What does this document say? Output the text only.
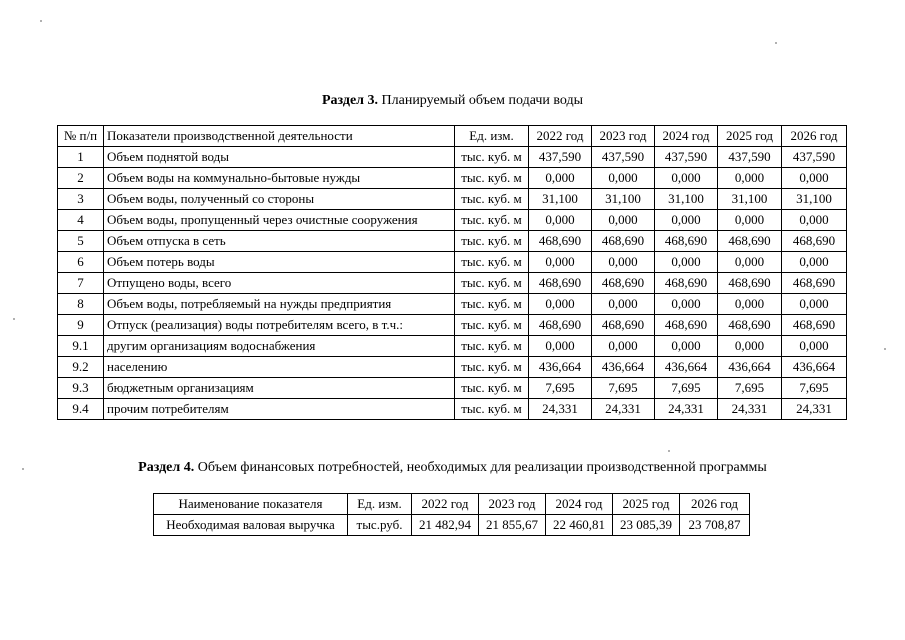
Раздел 3. Планируемый объем подачи воды
№ п/п	Показатели производственной деятельности	Ед. изм.	2022 год	2023 год	2024 год	2025 год	2026 год
1	Объем поднятой воды	тыс. куб. м	437,590	437,590	437,590	437,590	437,590
2	Объем воды на коммунально-бытовые нужды	тыс. куб. м	0,000	0,000	0,000	0,000	0,000
3	Объем воды, полученный со стороны	тыс. куб. м	31,100	31,100	31,100	31,100	31,100
4	Объем воды, пропущенный через очистные сооружения	тыс. куб. м	0,000	0,000	0,000	0,000	0,000
5	Объем отпуска в сеть	тыс. куб. м	468,690	468,690	468,690	468,690	468,690
6	Объем потерь воды	тыс. куб. м	0,000	0,000	0,000	0,000	0,000
7	Отпущено воды, всего	тыс. куб. м	468,690	468,690	468,690	468,690	468,690
8	Объем воды, потребляемый на нужды предприятия	тыс. куб. м	0,000	0,000	0,000	0,000	0,000
9	Отпуск (реализация) воды потребителям всего, в т.ч.:	тыс. куб. м	468,690	468,690	468,690	468,690	468,690
9.1	другим организациям водоснабжения	тыс. куб. м	0,000	0,000	0,000	0,000	0,000
9.2	населению	тыс. куб. м	436,664	436,664	436,664	436,664	436,664
9.3	бюджетным организациям	тыс. куб. м	7,695	7,695	7,695	7,695	7,695
9.4	прочим потребителям	тыс. куб. м	24,331	24,331	24,331	24,331	24,331
Раздел 4. Объем финансовых потребностей, необходимых для реализации производственной программы
Наименование показателя	Ед. изм.	2022 год	2023 год	2024 год	2025 год	2026 год
Необходимая валовая выручка	тыс.руб.	21 482,94	21 855,67	22 460,81	23 085,39	23 708,87
